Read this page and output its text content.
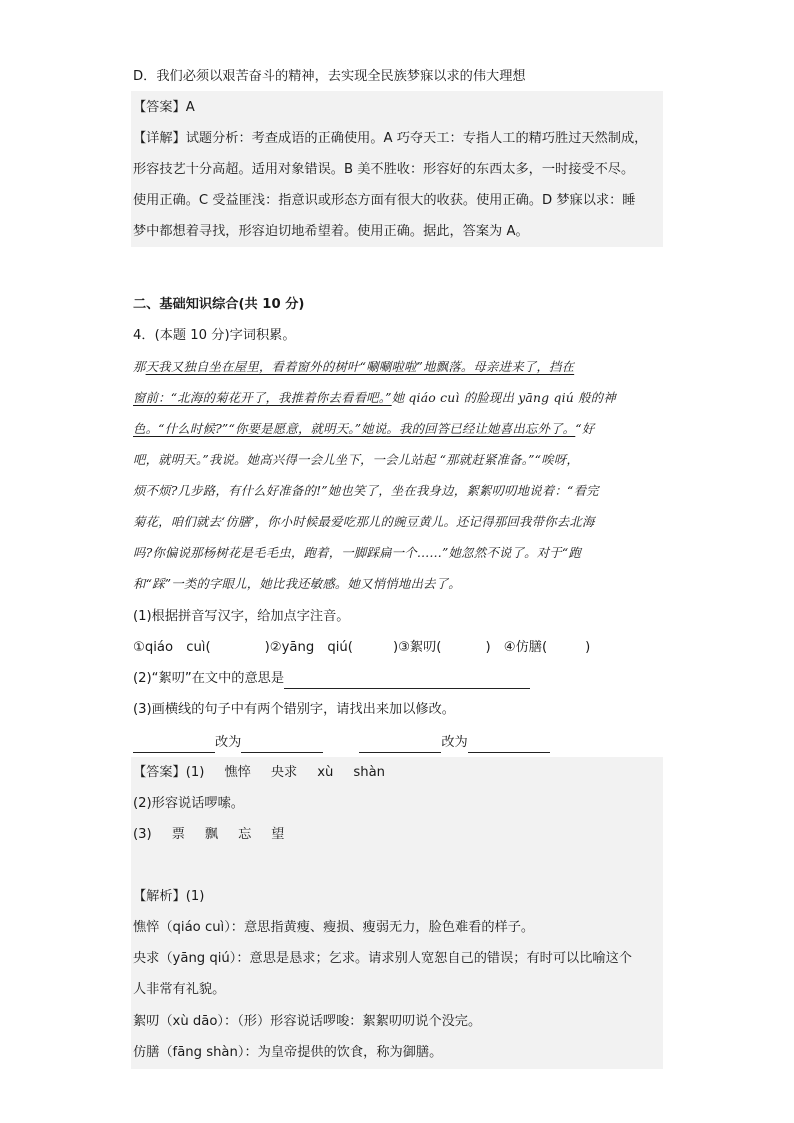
D．我们必须以艰苦奋斗的精神，去实现全民族梦寐以求的伟大理想
【答案】A
【详解】试题分析：考查成语的正确使用。A 巧夺天工：专指人工的精巧胜过天然制成，
形容技艺十分高超。适用对象错误。B 美不胜收：形容好的东西太多，一时接受不尽。
使用正确。C 受益匪浅：指意识或形态方面有很大的收获。使用正确。D 梦寐以求：睡
梦中都想着寻找，形容迫切地希望着。使用正确。据此，答案为 A。
二、基础知识综合(共 10 分)
4．(本题 10 分)字词积累。
那天我又独自坐在屋里，看着窗外的树叶“唰唰啦啦”地飘落。母亲进来了，挡在
窗前：“北海的菊花开了，我推着你去看看吧。”她 qiáo cuì 的脸现出 yāng qiú 般的神
色。“什么时候?”“你要是愿意，就明天。”她说。我的回答已经让她喜出忘外了。“好
吧，就明天。”我说。她高兴得一会儿坐下，一会儿站起 “那就赶紧准备。”“唉呀，
烦不烦?几步路，有什么好准备的!”她也笑了，坐在我身边，絮絮叨叨地说着：“看完
菊花，咱们就去‘仿膳’，你小时候最爱吃那儿的豌豆黄儿。还记得那回我带你去北海
吗?你偏说那杨树花是毛毛虫，跑着，一脚踩扁一个……”她忽然不说了。对于“跑
和“踩”一类的字眼儿，她比我还敏感。她又悄悄地出去了。
(1)根据拼音写汉字，给加点字注音。
①qiáo　cuì(	)②yāng　qiú(	)③絮叨(	)　④仿膳(	)
(2)“絮叨”在文中的意思是
(3)画横线的句子中有两个错别字，请找出来加以修改。
改为	改为
【答案】(1) 憔悴 央求 xù shàn
(2)形容说话啰嗦。
(3) 票 飘 忘 望
【解析】(1)
憔悴（qiáo cuì）：意思指黄瘦、瘦损、瘦弱无力，脸色难看的样子。
央求（yāng qiú）：意思是恳求；乞求。请求别人宽恕自己的错误；有时可以比喻这个
人非常有礼貌。
絮叨（xù dāo）：（形）形容说话啰唆：絮絮叨叨说个没完。
仿膳（fāng shàn）：为皇帝提供的饮食，称为御膳。
